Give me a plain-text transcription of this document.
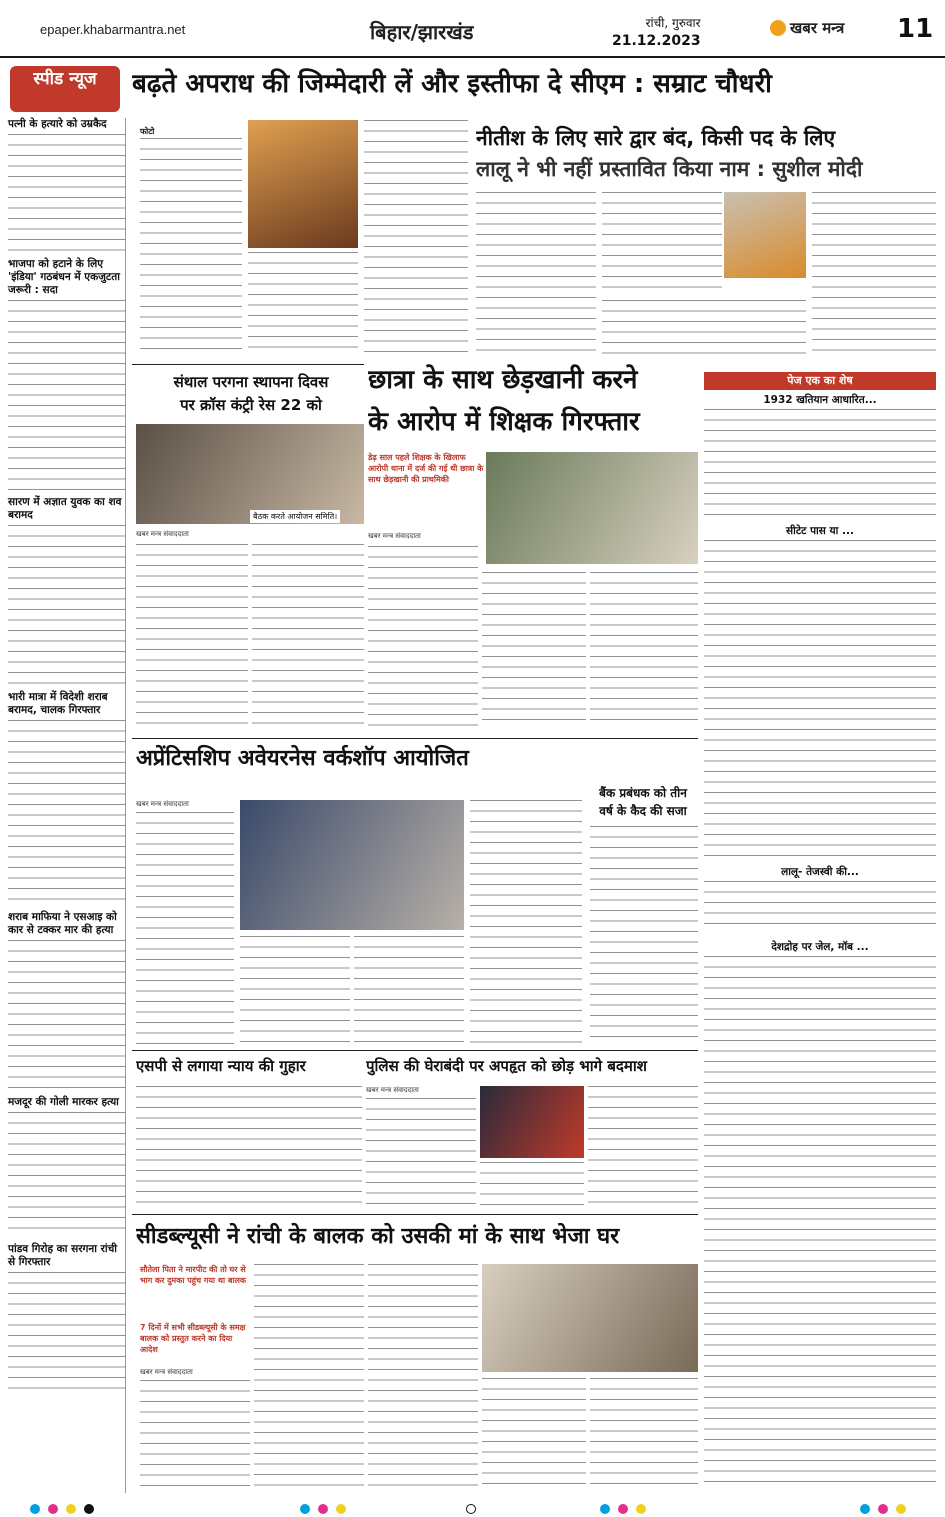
epaper.khabarmantra.net	बिहार/झारखंड	रांची, गुरुवार
21.12.2023
खबर मन्त्र 11
स्पीड न्यूज
पत्नी के हत्यारे को उम्रकैद
भाजपा को हटाने के लिए 'इंडिया' गठबंधन में एकजुटता जरूरी : सदा
सारण में अज्ञात युवक का शव बरामद
भारी मात्रा में विदेशी शराब बरामद, चालक गिरफ्तार
शराब माफिया ने एसआइ को कार से टक्कर मार की हत्या
मजदूर की गोली मारकर हत्या
पांडव गिरोह का सरगना रांची से गिरफ्तार
बढ़ते अपराध की जिम्मेदारी लें और इस्तीफा दे सीएम : सम्राट चौधरी
फोटो	नीतीश के लिए सारे द्वार बंद, किसी पद के लिए
लालू ने भी नहीं प्रस्तावित किया नाम : सुशील मोदी
संथाल परगना स्थापना दिवस
पर क्रॉस कंट्री रेस 22 को
बैठक करते आयोजन समिति।
खबर मन्त्र संवाददाता
छात्रा के साथ छेड़खानी करने
के आरोप में शिक्षक गिरफ्तार
डेढ़ साल पहले शिक्षक के खिलाफ आरोपी थाना में दर्ज की गई थी छात्रा के साथ छेड़खानी की प्राथमिकी
खबर मन्त्र संवाददाता
पेज एक का शेष
1932 खतियान आधारित...
सीटेट पास या ...
लालू- तेजस्वी की...
देशद्रोह पर जेल, मॉब ...
अप्रेंटिसशिप अवेयरनेस वर्कशॉप आयोजित
खबर मन्त्र संवाददाता
बैंक प्रबंधक को तीन
वर्ष के कैद की सजा
एसपी से लगाया न्याय की गुहार	पुलिस की घेराबंदी पर अपहृत को छोड़ भागे बदमाश
खबर मन्त्र संवाददाता
सीडब्ल्यूसी ने रांची के बालक को उसकी मां के साथ भेजा घर
सौतेला पिता ने मारपीट की तो घर से भाग कर दुमका पहुंच गया था बालक
7 दिनों में सभी सीडब्ल्यूसी के समक्ष बालक को प्रस्तुत करने का दिया आदेश
खबर मन्त्र संवाददाता
